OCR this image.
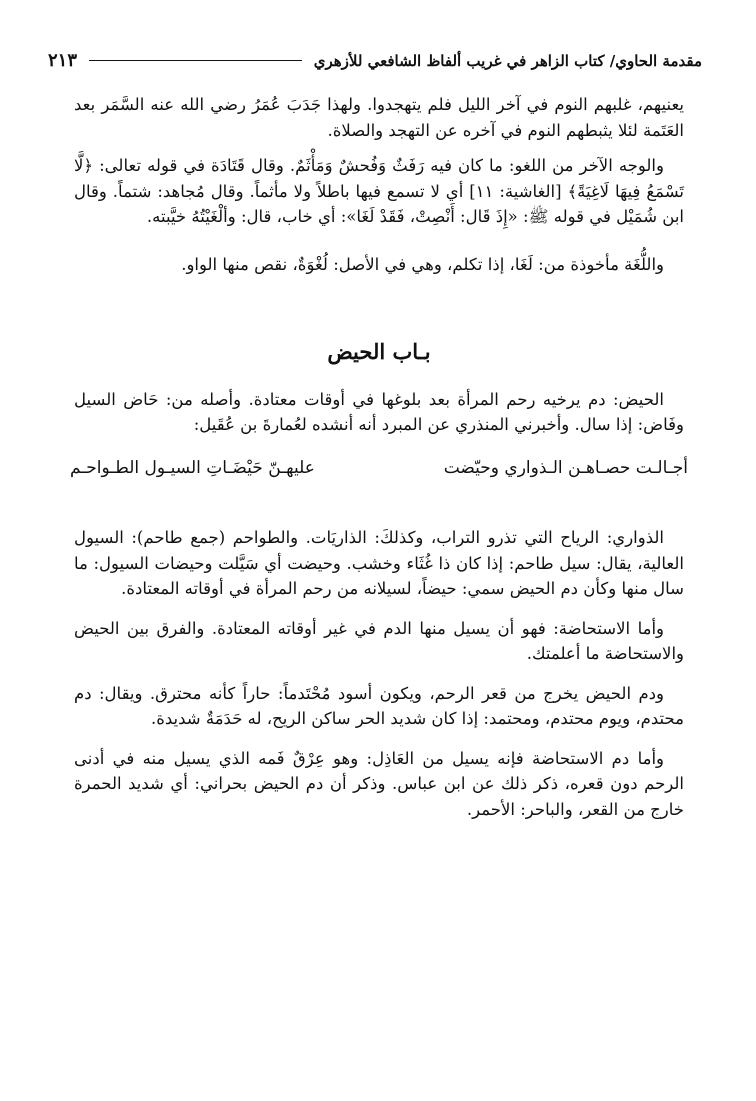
مقدمة الحاوي/ كتاب الزاهر في غريب ألفاظ الشافعي للأزهري
٢١٣

يعنيهم، غلبهم النوم في آخر الليل فلم يتهجدوا. ولهذا جَدَبَ عُمَرُ رضي الله عنه السَّمَر بعد العَتَمة لئلا يثبطهم النوم في آخره عن التهجد والصلاة.

والوجه الآخر من اللغو: ما كان فيه رَفَثٌ وَفُحشٌ وَمَأْثَمٌ. وقال قَتَادَة في قوله تعالى: ﴿لَّا تَسْمَعُ فِيهَا لَاغِيَةً﴾ [الغاشية: ١١] أي لا تسمع فيها باطلاً ولا مأثماً. وقال مُجاهد: شتماً. وقال ابن شُمَيْل في قوله ﷺ: «إِذَ قَال: أَنْصِتْ، فَقَدْ لَغَا»: أي خاب، قال: وألْغَيْتُهُ خيَّبته.

واللُّغَة مأخوذة من: لَغَا، إذا تكلم، وهي في الأصل: لُغْوَةٌ، نقص منها الواو.

بـاب الحيض

الحيض: دم يرخيه رحم المرأة بعد بلوغها في أوقات معتادة. وأصله من: حَاض السيل وفَاض: إذا سال. وأخبرني المنذري عن المبرد أنه أنشده لعُمارةَ بن عُقَيل:

أجـالـت حصـاهـن الـذواري وحيّضت
عليهـنّ حَيْضَـاتِ السيـول الطـواحـم

الذواري: الرياح التي تذرو التراب، وكذلكَ: الذاريَات. والطواحم (جمع طاحم): السيول العالية، يقال: سيل طاحم: إذا كان ذا غُثَاء وخشب. وحيضت أي سَيَّلت وحيضات السيول: ما سال منها وكأن دم الحيض سمي: حيضاً، لسيلانه من رحم المرأة في أوقاته المعتادة.

وأما الاستحاضة: فهو أن يسيل منها الدم في غير أوقاته المعتادة. والفرق بين الحيض والاستحاضة ما أعلمتك.

ودم الحيض يخرج من قعر الرحم، ويكون أسود مُحْتَدماً: حاراً كأنه محترق. ويقال: دم محتدم، ويوم محتدم، ومحتمد: إذا كان شديد الحر ساكن الريح، له حَدَمَةٌ شديدة.

وأما دم الاستحاضة فإنه يسيل من العَاذِل: وهو عِرْقٌ فَمه الذي يسيل منه في أدنى الرحم دون قعره، ذكر ذلك عن ابن عباس. وذكر أن دم الحيض بحراني: أي شديد الحمرة خارج من القعر، والباحر: الأحمر.
